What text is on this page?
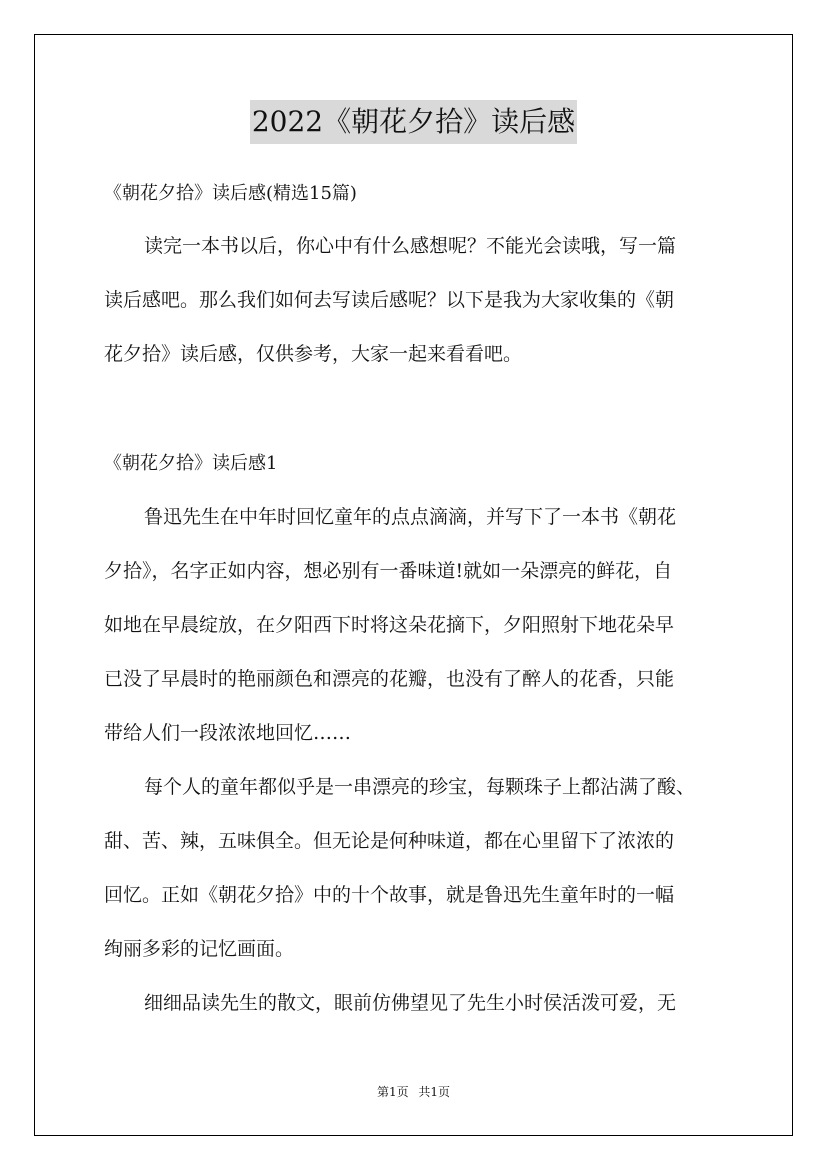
2022《朝花夕拾》读后感
《朝花夕拾》读后感(精选15篇)
读完一本书以后，你心中有什么感想呢？不能光会读哦，写一篇
读后感吧。那么我们如何去写读后感呢？以下是我为大家收集的《朝
花夕拾》读后感，仅供参考，大家一起来看看吧。
《朝花夕拾》读后感1
鲁迅先生在中年时回忆童年的点点滴滴，并写下了一本书《朝花
夕拾》，名字正如内容，想必别有一番味道!就如一朵漂亮的鲜花，自
如地在早晨绽放，在夕阳西下时将这朵花摘下，夕阳照射下地花朵早
已没了早晨时的艳丽颜色和漂亮的花瓣，也没有了醉人的花香，只能
带给人们一段浓浓地回忆……
每个人的童年都似乎是一串漂亮的珍宝，每颗珠子上都沾满了酸、
甜、苦、辣，五味俱全。但无论是何种味道，都在心里留下了浓浓的
回忆。正如《朝花夕拾》中的十个故事，就是鲁迅先生童年时的一幅
绚丽多彩的记忆画面。
细细品读先生的散文，眼前仿佛望见了先生小时侯活泼可爱，无
第1页 共1页
